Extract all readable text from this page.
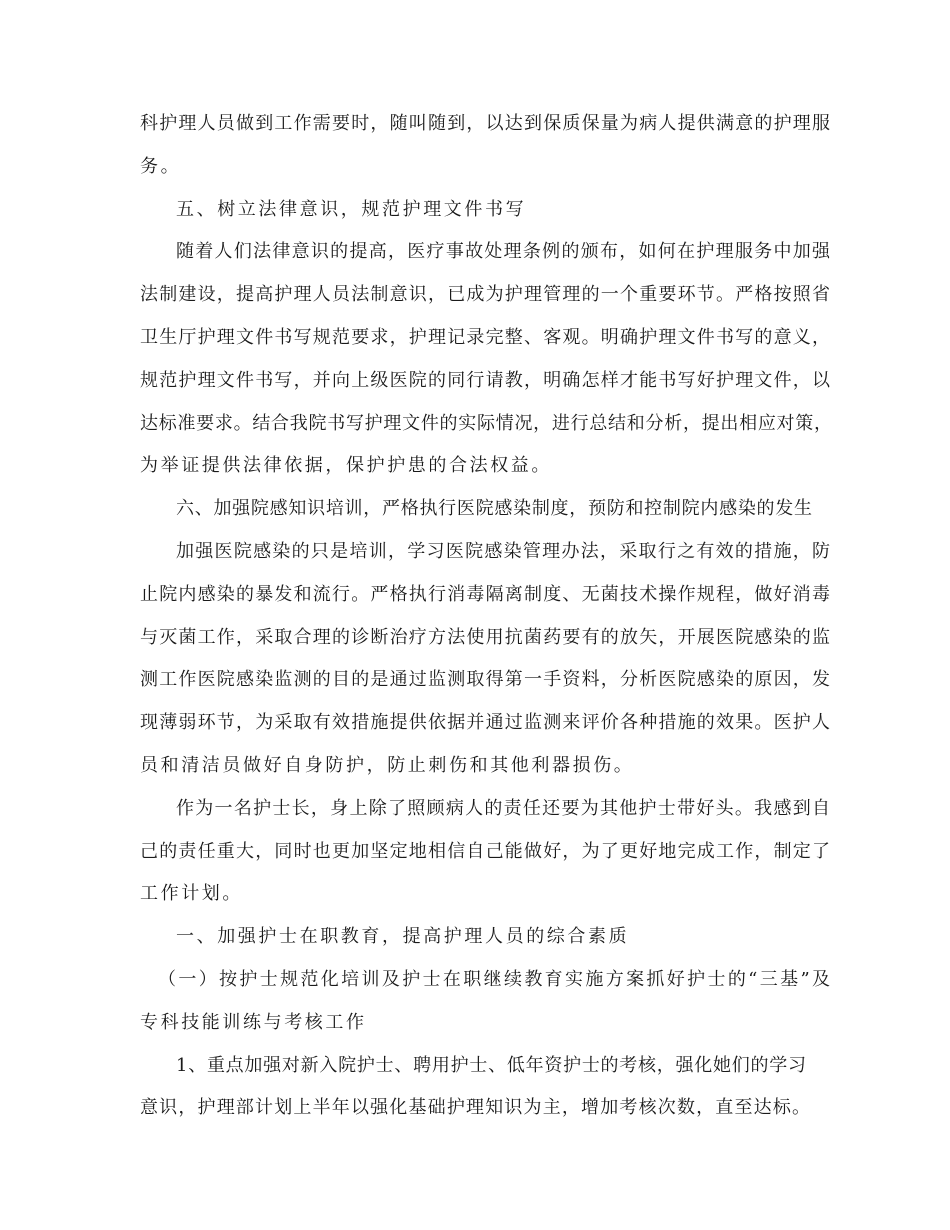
科护理人员做到工作需要时，随叫随到，以达到保质保量为病人提供满意的护理服
务。
五、树立法律意识，规范护理文件书写
随着人们法律意识的提高，医疗事故处理条例的颁布，如何在护理服务中加强
法制建设，提高护理人员法制意识，已成为护理管理的一个重要环节。严格按照省
卫生厅护理文件书写规范要求，护理记录完整、客观。明确护理文件书写的意义，
规范护理文件书写，并向上级医院的同行请教，明确怎样才能书写好护理文件，以
达标准要求。结合我院书写护理文件的实际情况，进行总结和分析，提出相应对策，
为举证提供法律依据，保护护患的合法权益。
六、加强院感知识培训，严格执行医院感染制度，预防和控制院内感染的发生
加强医院感染的只是培训，学习医院感染管理办法，采取行之有效的措施，防
止院内感染的暴发和流行。严格执行消毒隔离制度、无菌技术操作规程，做好消毒
与灭菌工作，采取合理的诊断治疗方法使用抗菌药要有的放矢，开展医院感染的监
测工作医院感染监测的目的是通过监测取得第一手资料，分析医院感染的原因，发
现薄弱环节，为采取有效措施提供依据并通过监测来评价各种措施的效果。医护人
员和清洁员做好自身防护，防止刺伤和其他利器损伤。
作为一名护士长，身上除了照顾病人的责任还要为其他护士带好头。我感到自
己的责任重大，同时也更加坚定地相信自己能做好，为了更好地完成工作，制定了
工作计划。
一、加强护士在职教育，提高护理人员的综合素质
（一）按护士规范化培训及护士在职继续教育实施方案抓好护士的“三基”及
专科技能训练与考核工作
1、重点加强对新入院护士、聘用护士、低年资护士的考核，强化她们的学习
意识，护理部计划上半年以强化基础护理知识为主，增加考核次数，直至达标。
